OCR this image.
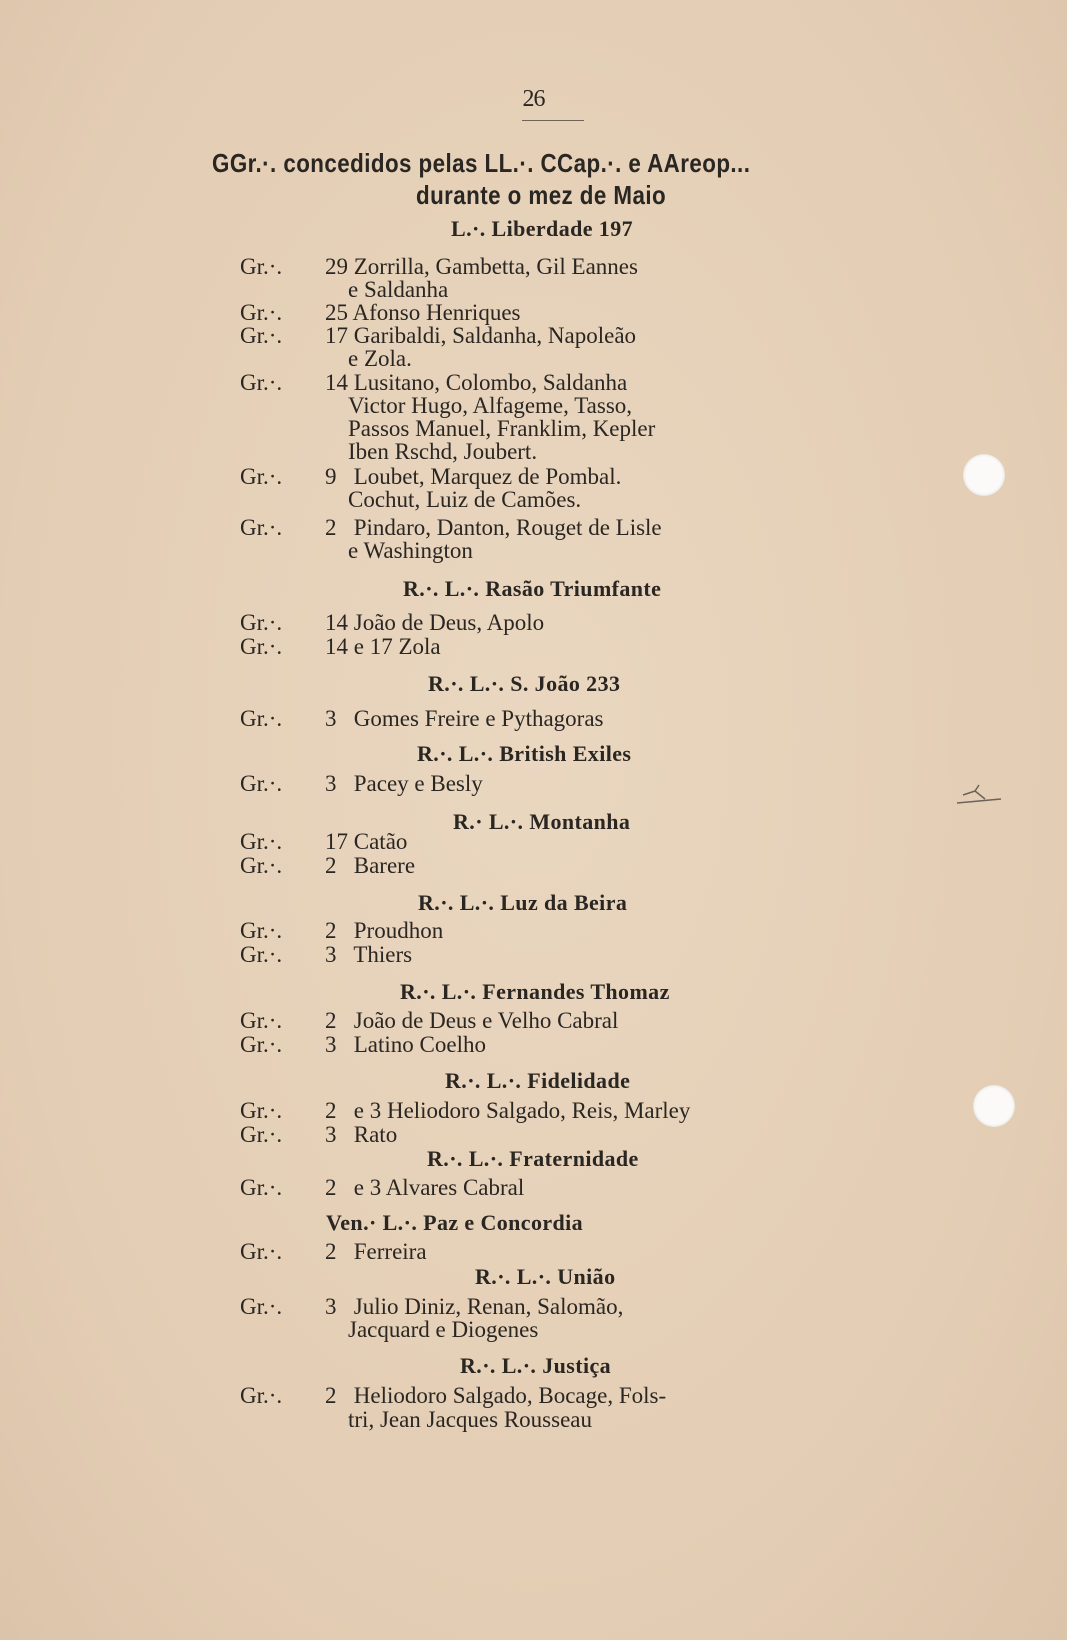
26
GGr.·. concedidos pelas LL.·. CCap.·. e AAreop...
durante o mez de Maio
L.·. Liberdade 197
Gr.·. 29 Zorrilla, Gambetta, Gil Eannes
e Saldanha
Gr.·. 25 Afonso Henriques
Gr.·. 17 Garibaldi, Saldanha, Napoleão
e Zola.
Gr.·. 14 Lusitano, Colombo, Saldanha
Victor Hugo, Alfageme, Tasso,
Passos Manuel, Franklim, Kepler
Iben Rschd, Joubert.
Gr.·. 9 Loubet, Marquez de Pombal.
Cochut, Luiz de Camões.
Gr.·. 2 Pindaro, Danton, Rouget de Lisle
e Washington
R.·. L.·. Rasão Triumfante
Gr.·. 14 João de Deus, Apolo
Gr.·. 14 e 17 Zola
R.·. L.·. S. João 233
Gr.·. 3 Gomes Freire e Pythagoras
R.·. L.·. British Exiles
Gr.·. 3 Pacey e Besly
R.· L.·. Montanha
Gr.·. 17 Catão
Gr.·. 2 Barere
R.·. L.·. Luz da Beira
Gr.·. 2 Proudhon
Gr.·. 3 Thiers
R.·. L.·. Fernandes Thomaz
Gr.·. 2 João de Deus e Velho Cabral
Gr.·. 3 Latino Coelho
R.·. L.·. Fidelidade
Gr.·. 2 e 3 Heliodoro Salgado, Reis, Marley
Gr.·. 3 Rato
R.·. L.·. Fraternidade
Gr.·. 2 e 3 Alvares Cabral
Ven.· L.·. Paz e Concordia
Gr.·. 2 Ferreira
R.·. L.·. União
Gr.·. 3 Julio Diniz, Renan, Salomão,
Jacquard e Diogenes
R.·. L.·. Justiça
Gr.·. 2 Heliodoro Salgado, Bocage, Fols-
tri, Jean Jacques Rousseau
